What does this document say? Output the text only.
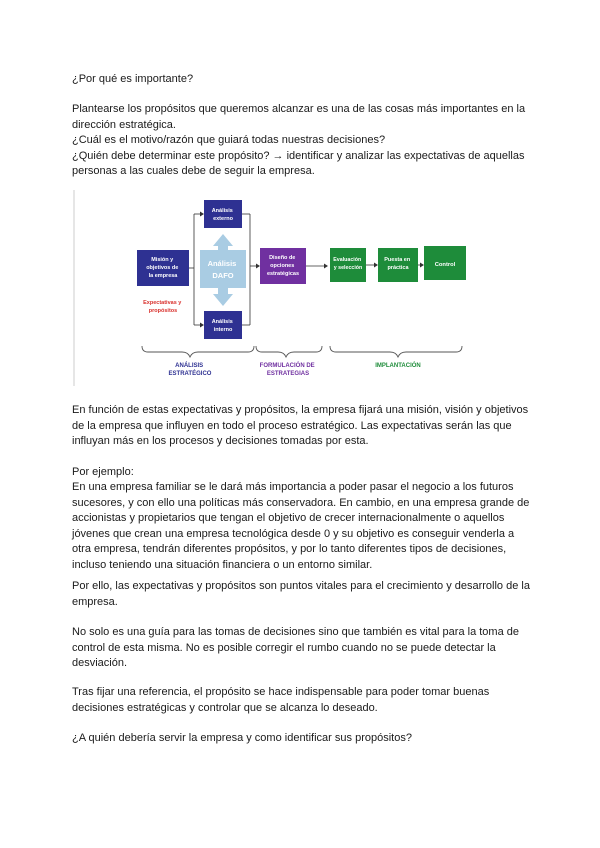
¿Por qué es importante?

Plantearse los propósitos que queremos alcanzar es una de las cosas más importantes en la dirección estratégica.
¿Cuál es el motivo/razón que guiará todas nuestras decisiones?
¿Quién debe determinar este propósito? → identificar y analizar las expectativas de aquellas personas a las cuales debe de seguir la empresa.
Misión y objetivos de la empresa
Expectativas y propósitos
Análisis externo
Análisis DAFO
Análisis interno
Diseño de opciones estratégicas
Evaluación y selección
Puesta en práctica	Control
ANÁLISIS ESTRATÉGICO
FORMULACIÓN DE ESTRATEGIAS
IMPLANTACIÓN

En función de estas expectativas y propósitos, la empresa fijará una misión, visión y objetivos de la empresa que influyen en todo el proceso estratégico. Las expectativas serán las que influyan más en los procesos y decisiones tomadas por esta.

Por ejemplo:

En una empresa familiar se le dará más importancia a poder pasar el negocio a los futuros sucesores, y con ello una políticas más conservadora. En cambio, en una empresa grande de accionistas y propietarios que tengan el objetivo de crecer internacionalmente o aquellos jóvenes que crean una empresa tecnológica desde 0 y su objetivo es conseguir venderla a otra empresa, tendrán diferentes propósitos, y por lo tanto diferentes tipos de decisiones, incluso teniendo una situación financiera o un entorno similar.

Por ello, las expectativas y propósitos son puntos vitales para el crecimiento y desarrollo de la empresa.

No solo es una guía para las tomas de decisiones sino que también es vital para la toma de control de esta misma. No es posible corregir el rumbo cuando no se puede detectar la desviación.

Tras fijar una referencia, el propósito se hace indispensable para poder tomar buenas decisiones estratégicas y controlar que se alcanza lo deseado.

¿A quién debería servir la empresa y como identificar sus propósitos?
